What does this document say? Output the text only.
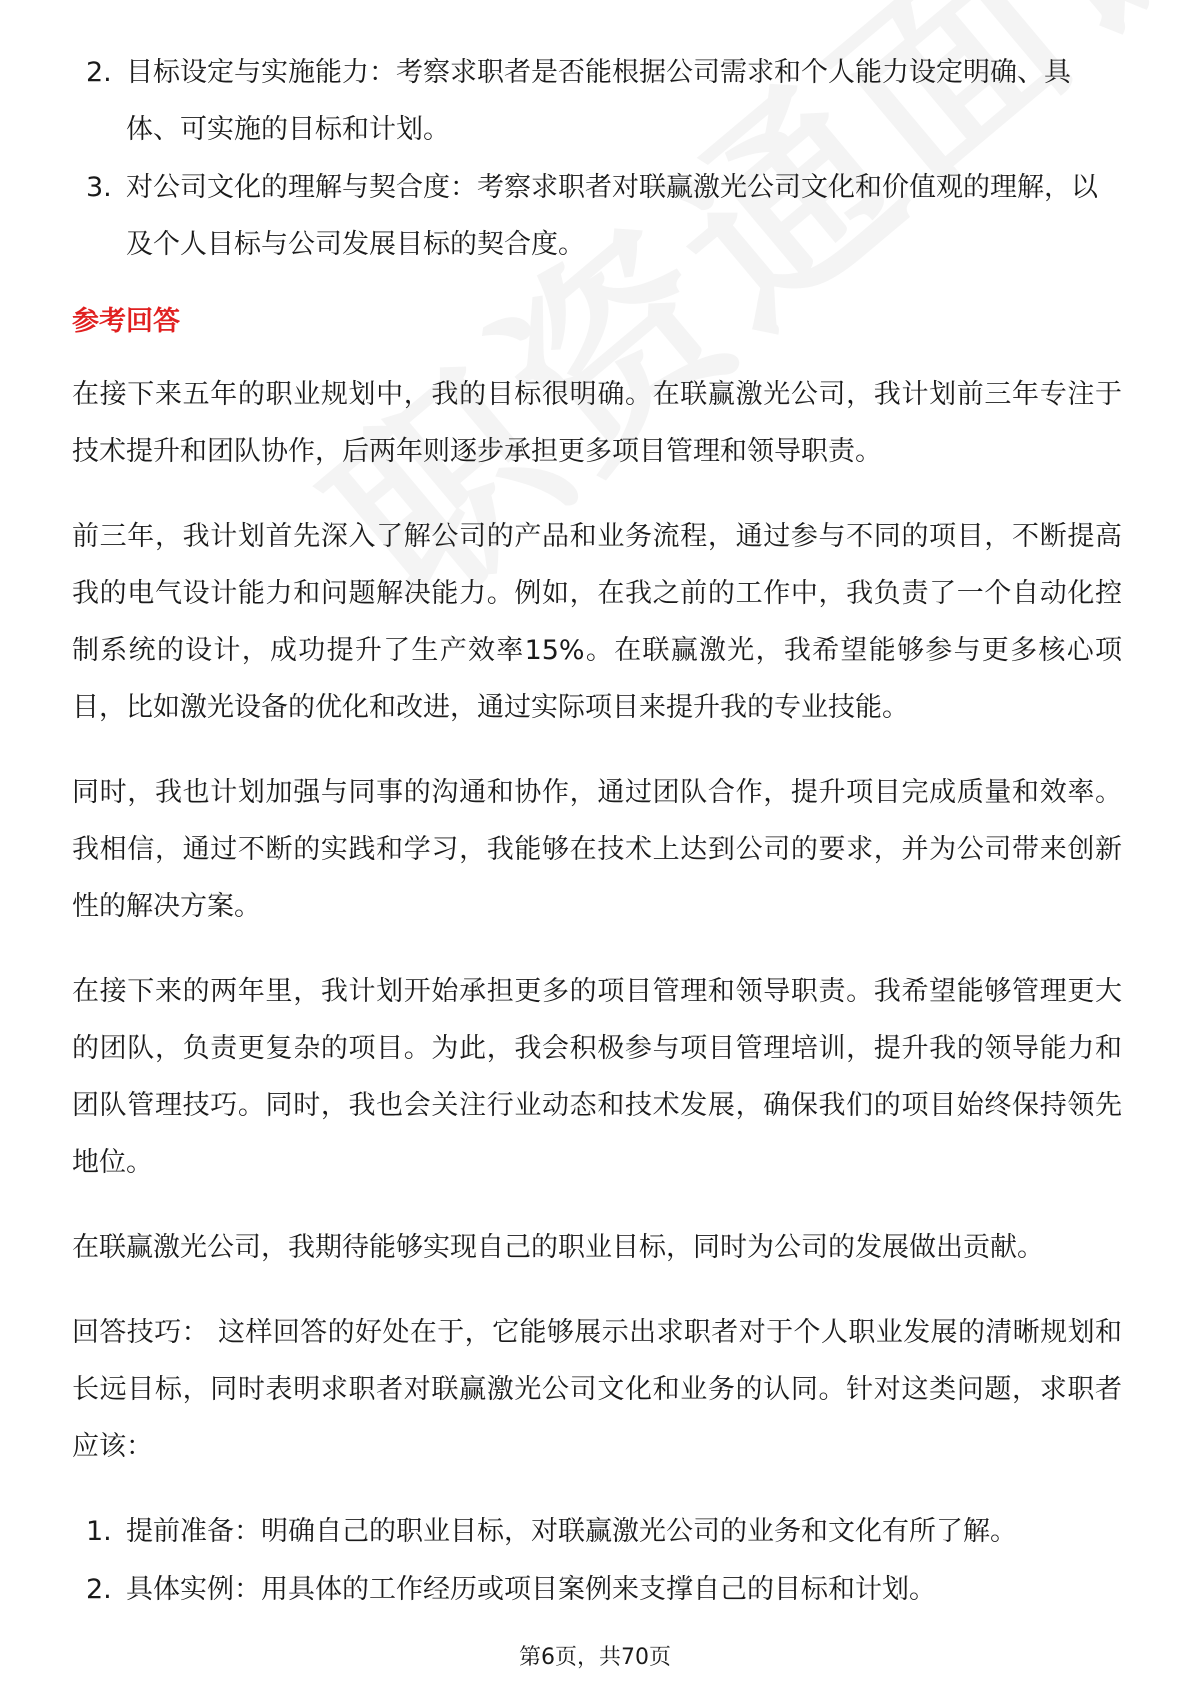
2. 目标设定与实施能力：考察求职者是否能根据公司需求和个人能力设定明确、具体、可实施的目标和计划。
3. 对公司文化的理解与契合度：考察求职者对联赢激光公司文化和价值观的理解，以及个人目标与公司发展目标的契合度。
参考回答

在接下来五年的职业规划中，我的目标很明确。在联赢激光公司，我计划前三年专注于技术提升和团队协作，后两年则逐步承担更多项目管理和领导职责。

前三年，我计划首先深入了解公司的产品和业务流程，通过参与不同的项目，不断提高我的电气设计能力和问题解决能力。例如，在我之前的工作中，我负责了一个自动化控制系统的设计，成功提升了生产效率15%。在联赢激光，我希望能够参与更多核心项目，比如激光设备的优化和改进，通过实际项目来提升我的专业技能。

同时，我也计划加强与同事的沟通和协作，通过团队合作，提升项目完成质量和效率。我相信，通过不断的实践和学习，我能够在技术上达到公司的要求，并为公司带来创新性的解决方案。

在接下来的两年里，我计划开始承担更多的项目管理和领导职责。我希望能够管理更大的团队，负责更复杂的项目。为此，我会积极参与项目管理培训，提升我的领导能力和团队管理技巧。同时，我也会关注行业动态和技术发展，确保我们的项目始终保持领先地位。

在联赢激光公司，我期待能够实现自己的职业目标，同时为公司的发展做出贡献。

回答技巧： 这样回答的好处在于，它能够展示出求职者对于个人职业发展的清晰规划和长远目标，同时表明求职者对联赢激光公司文化和业务的认同。针对这类问题，求职者应该：

1. 提前准备：明确自己的职业目标，对联赢激光公司的业务和文化有所了解。
2. 具体实例：用具体的工作经历或项目案例来支撑自己的目标和计划。
第6页，共70页
